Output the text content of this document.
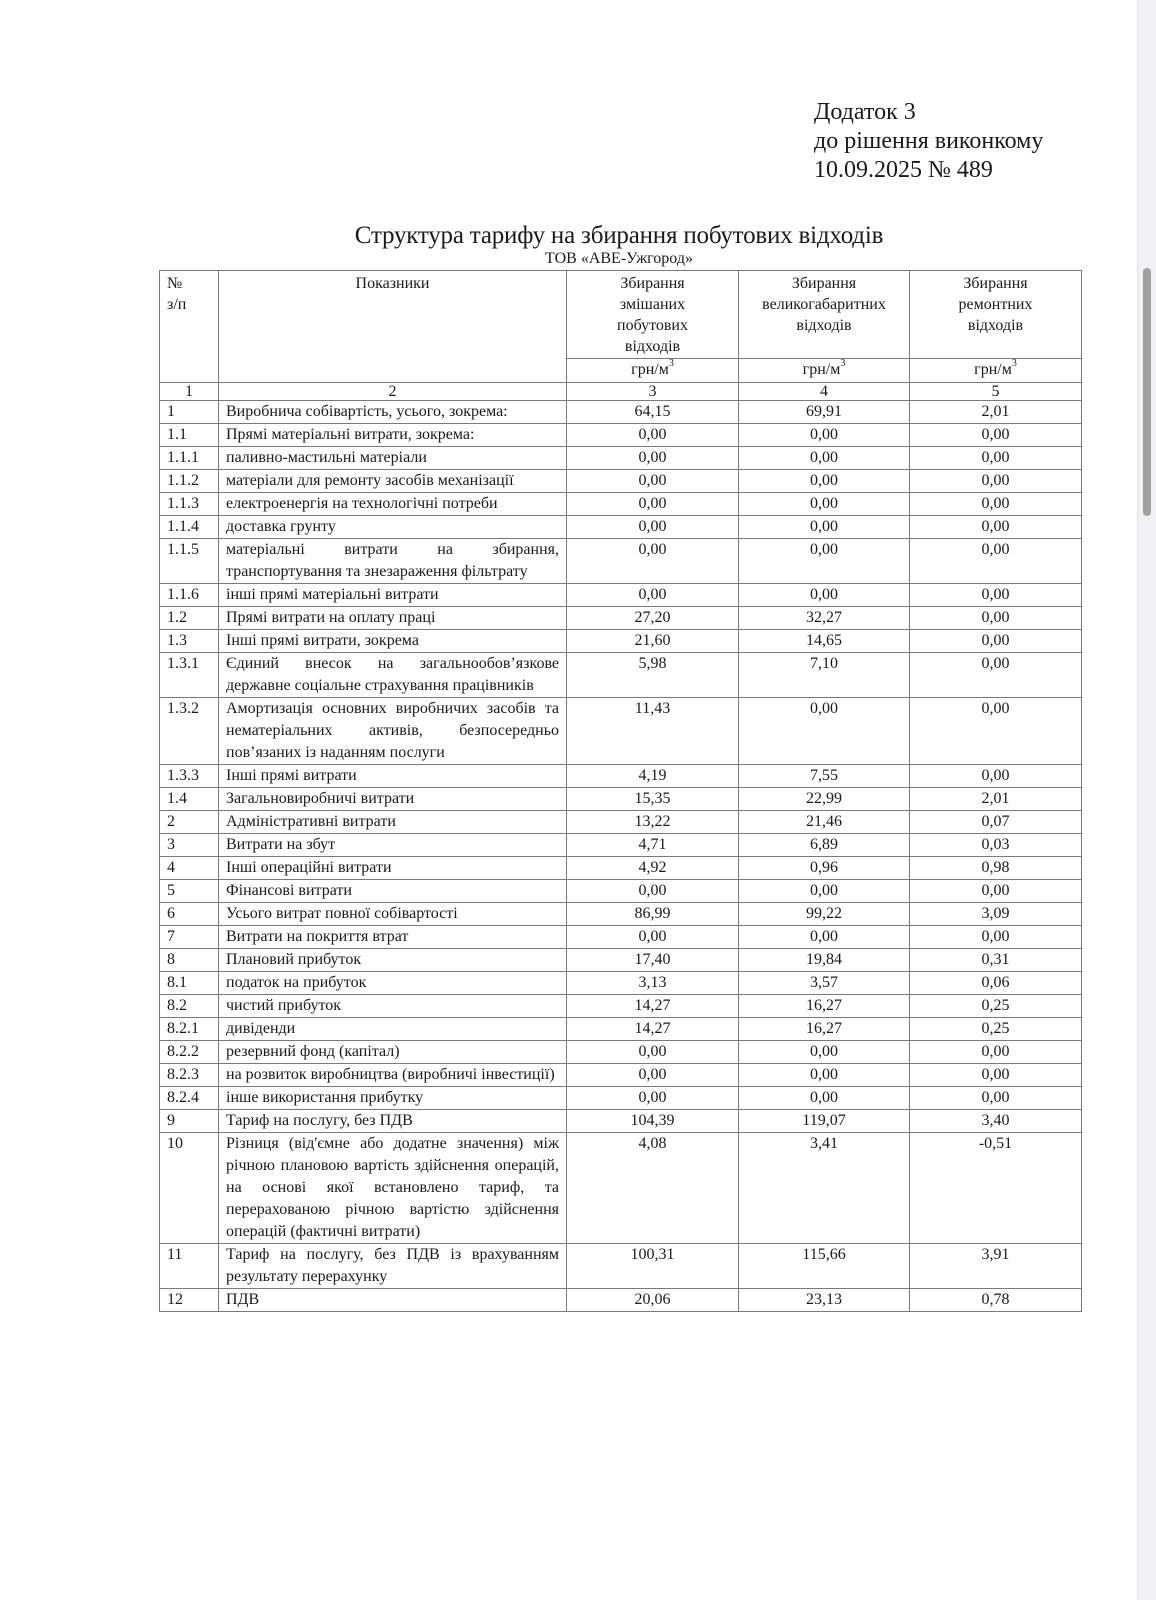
Додаток 3
до рішення виконкому
10.09.2025 № 489
Структура тарифу на збирання побутових відходів
ТОВ «АВЕ-Ужгород»
№
з/п	Показники	Збирання змішаних побутових відходів	Збирання великогабаритних відходів	Збирання ремонтних відходів
		грн/$м^3$	грн/$м^3$	грн/$м^3$
1	2	3	4	5
1	Виробнича собівартість, усього, зокрема:	64,15	69,91	2,01
1.1	Прямі матеріальні витрати, зокрема:	0,00	0,00	0,00
1.1.1	паливно-мастильні матеріали	0,00	0,00	0,00
1.1.2	матеріали для ремонту засобів механізації	0,00	0,00	0,00
1.1.3	електроенергія на технологічні потреби	0,00	0,00	0,00
1.1.4	доставка грунту	0,00	0,00	0,00
1.1.5	матеріальні витрати на збирання, транспортування та знезараження фільтрату	0,00	0,00	0,00
1.1.6	інші прямі матеріальні витрати	0,00	0,00	0,00
1.2	Прямі витрати на оплату праці	27,20	32,27	0,00
1.3	Інші прямі витрати, зокрема	21,60	14,65	0,00
1.3.1	Єдиний внесок на загальнообов’язкове державне соціальне страхування працівників	5,98	7,10	0,00
1.3.2	Амортизація основних виробничих засобів та нематеріальних активів, безпосередньо пов’язаних із наданням послуги	11,43	0,00	0,00
1.3.3	Інші прямі витрати	4,19	7,55	0,00
1.4	Загальновиробничі витрати	15,35	22,99	2,01
2	Адміністративні витрати	13,22	21,46	0,07
3	Витрати на збут	4,71	6,89	0,03
4	Інші операційні витрати	4,92	0,96	0,98
5	Фінансові витрати	0,00	0,00	0,00
6	Усього витрат повної собівартості	86,99	99,22	3,09
7	Витрати на покриття втрат	0,00	0,00	0,00
8	Плановий прибуток	17,40	19,84	0,31
8.1	податок на прибуток	3,13	3,57	0,06
8.2	чистий прибуток	14,27	16,27	0,25
8.2.1	дивіденди	14,27	16,27	0,25
8.2.2	резервний фонд (капітал)	0,00	0,00	0,00
8.2.3	на розвиток виробництва (виробничі інвестиції)	0,00	0,00	0,00
8.2.4	інше використання прибутку	0,00	0,00	0,00
9	Тариф на послугу, без ПДВ	104,39	119,07	3,40
10	Різниця (від'ємне або додатне значення) між річною плановою вартість здійснення операцій, на основі якої встановлено тариф, та перерахованою річною вартістю здійснення операцій (фактичні витрати)	4,08	3,41	-0,51
11	Тариф на послугу, без ПДВ із врахуванням результату перерахунку	100,31	115,66	3,91
12	ПДВ	20,06	23,13	0,78
